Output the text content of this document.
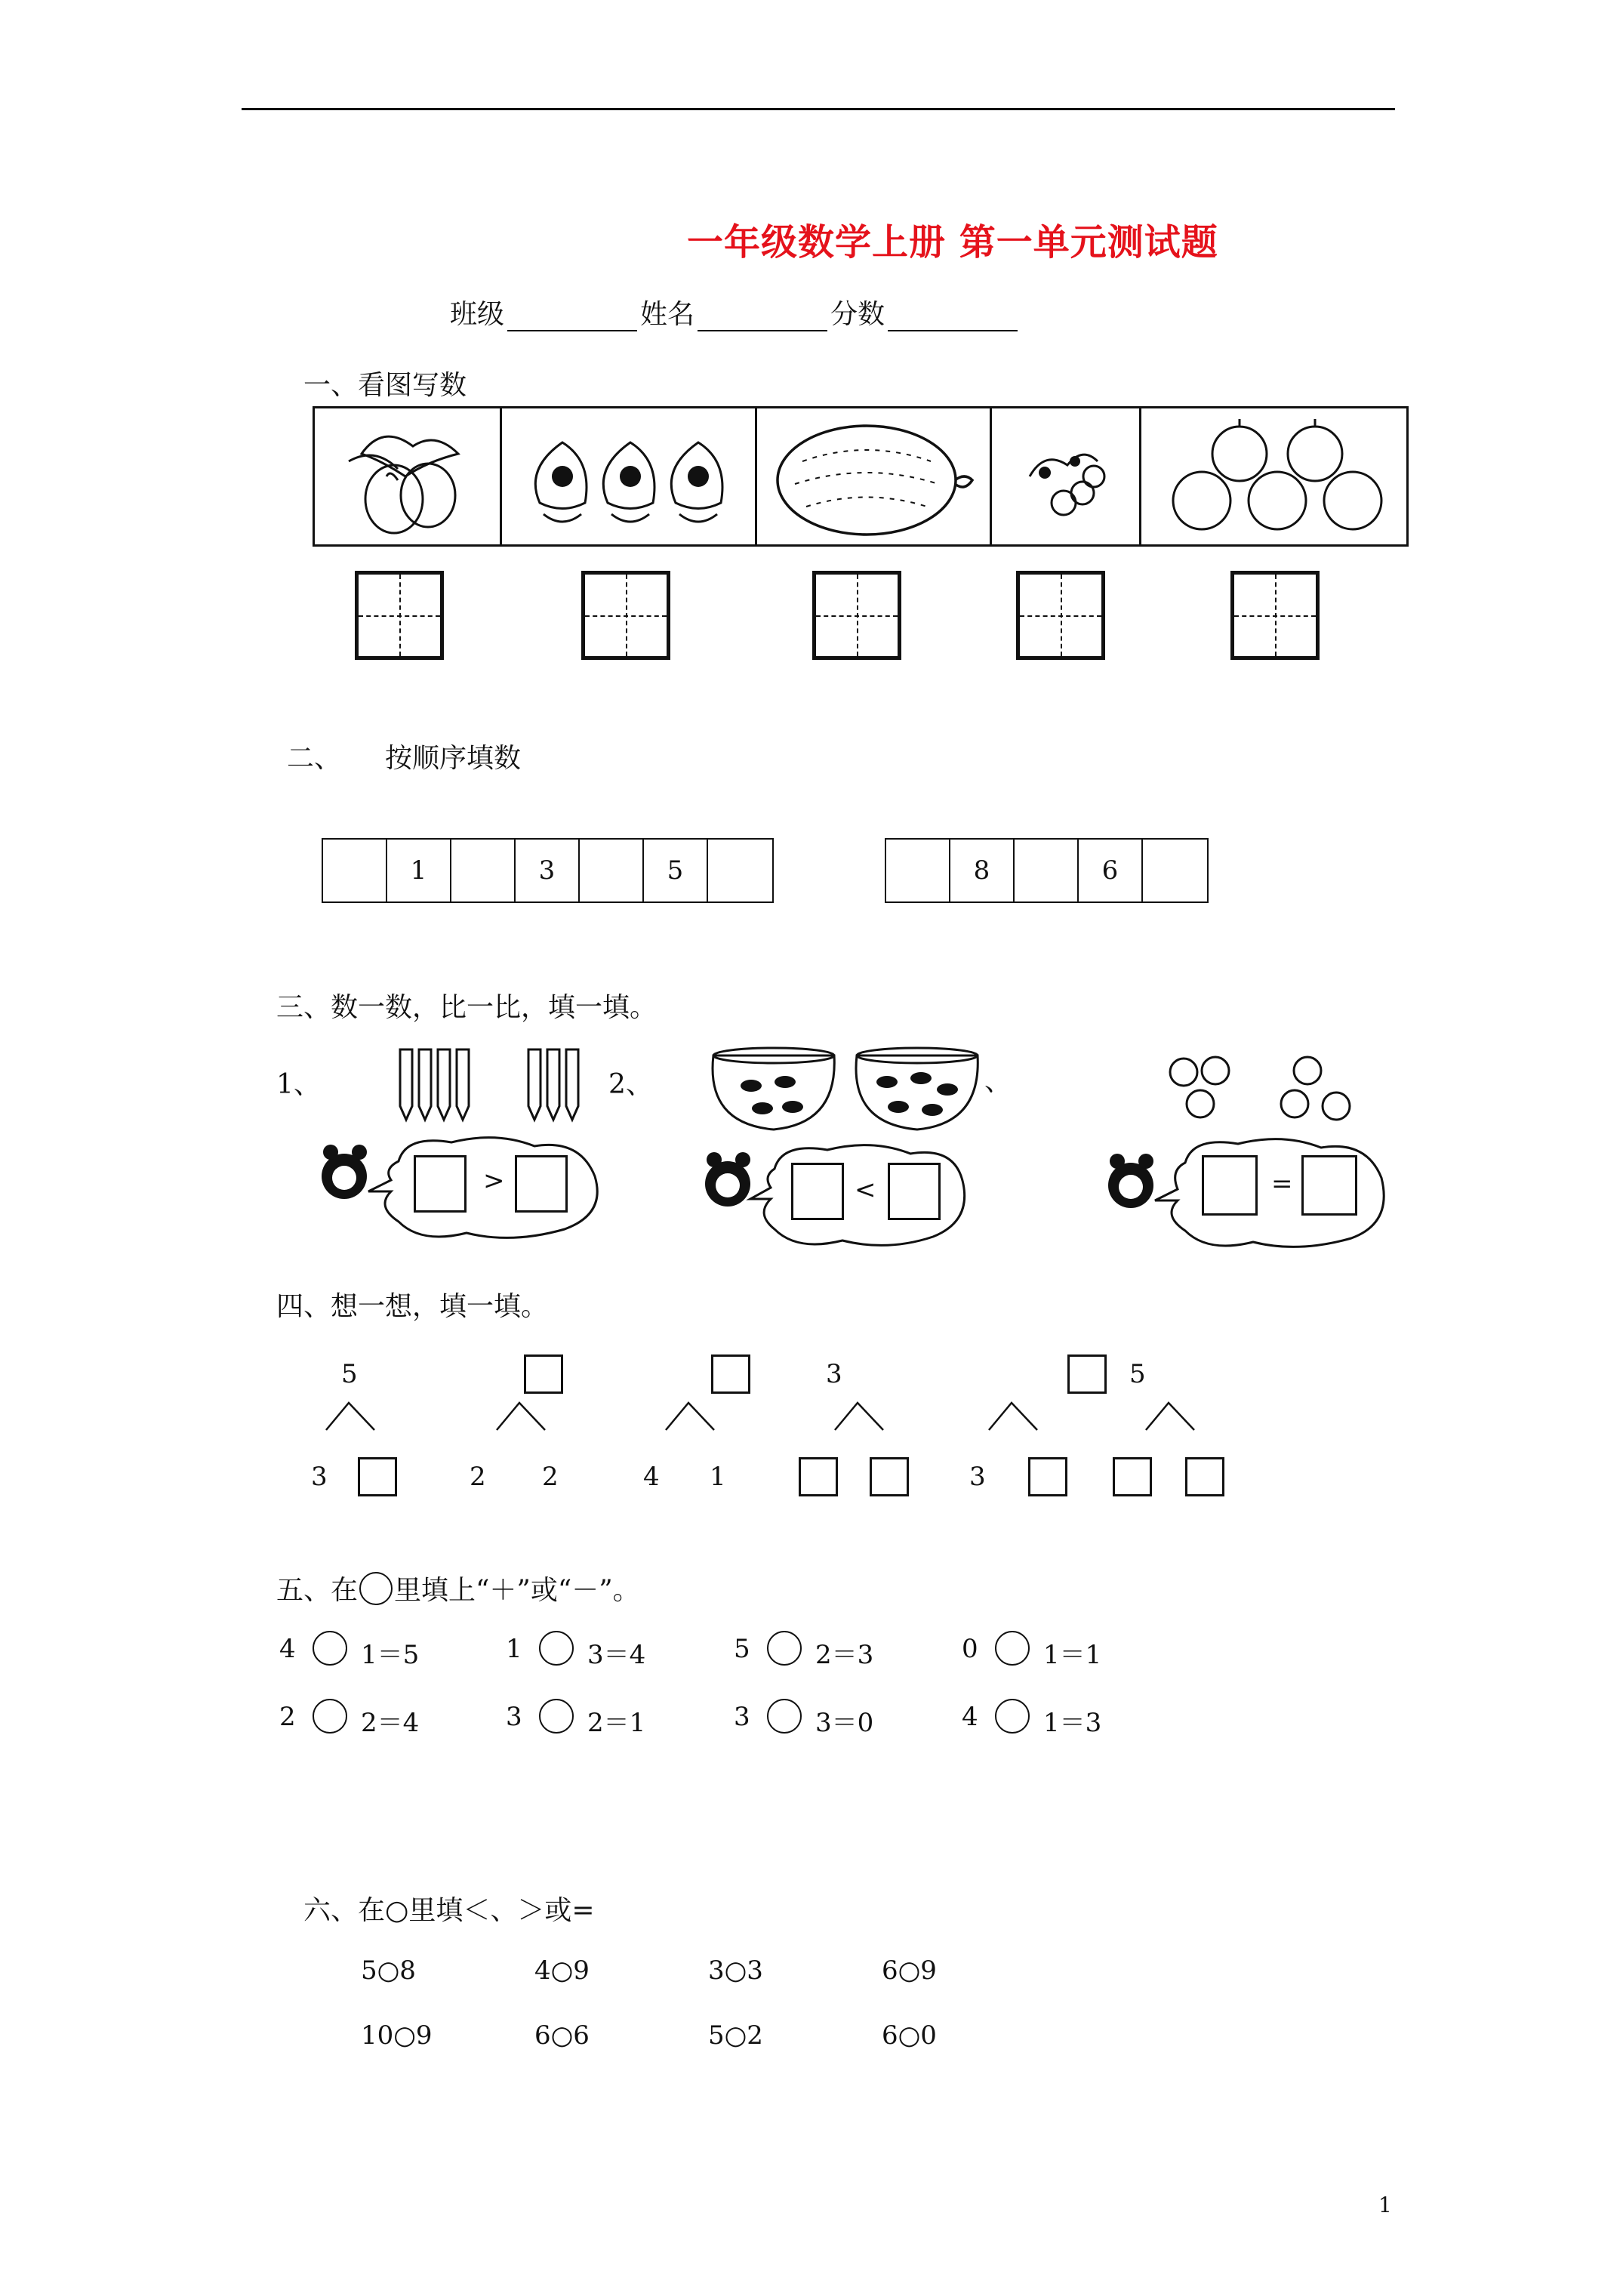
一年级数学上册 第一单元测试题
班级	姓名	分数
一、看图写数
二、 按顺序填数
1	3	5	8	6
三、数一数，比一比，填一填。
1、	2、	、
>	<	=
四、想一想，填一填。
5
3	2 2	4 1
3
3
5
五、在 里填上“＋”或“－”。
4	1＝5	1	3＝4	5	2＝3	0	1＝1
2	2＝4	3	2＝1	3	3＝0	4	1＝3
六、在○里填＜、＞或=
5○8	4○9	3○3	6○9
10○9	6○6	5○2	6○0
1
